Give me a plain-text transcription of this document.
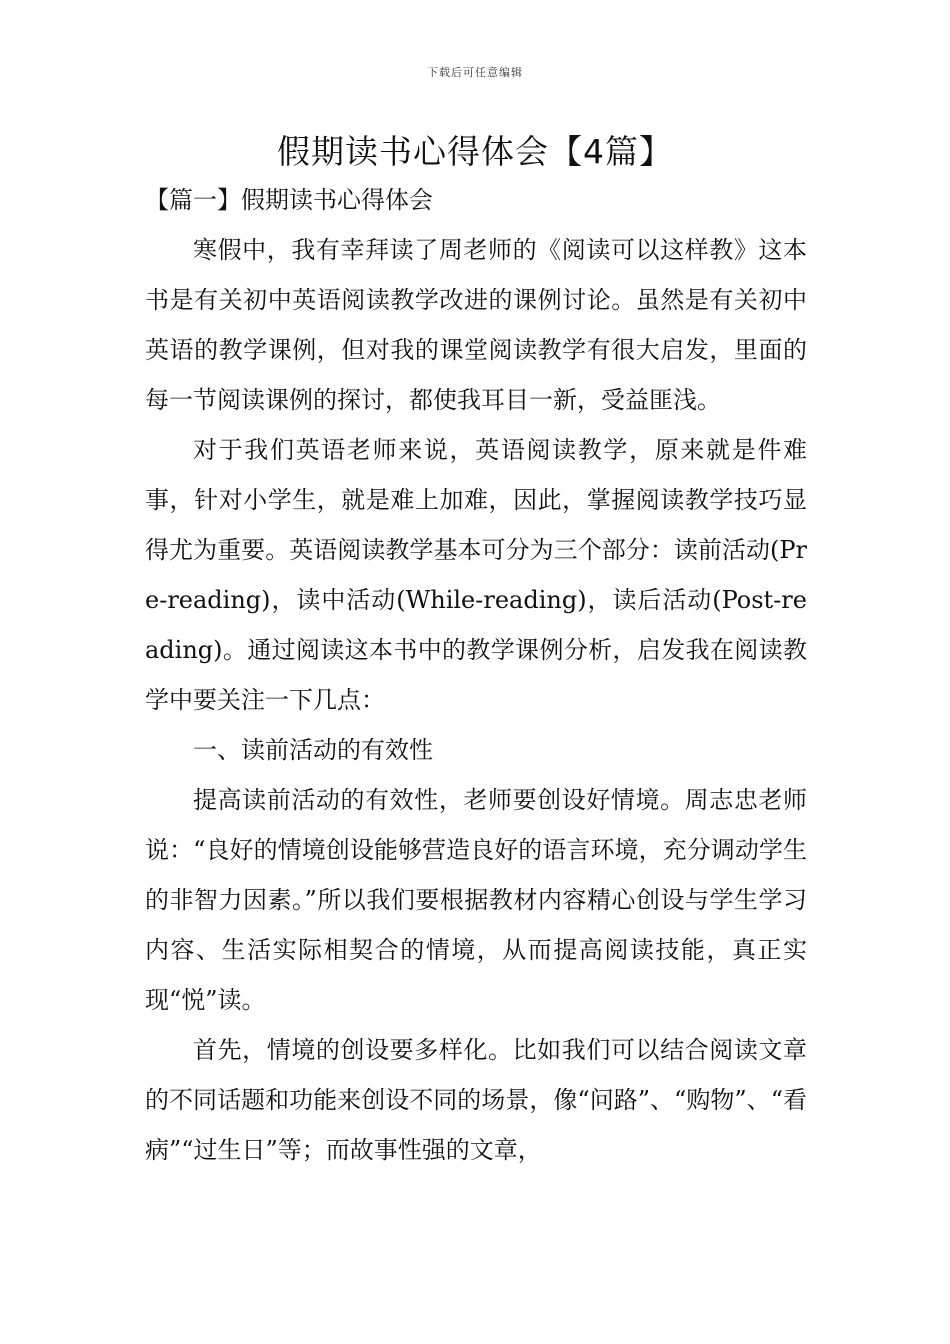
下载后可任意编辑
假期读书心得体会【4篇】
【篇一】假期读书心得体会

寒假中，我有幸拜读了周老师的《阅读可以这样教》这本书是有关初中英语阅读教学改进的课例讨论。虽然是有关初中英语的教学课例，但对我的课堂阅读教学有很大启发，里面的每一节阅读课例的探讨，都使我耳目一新，受益匪浅。

对于我们英语老师来说，英语阅读教学，原来就是件难事，针对小学生，就是难上加难，因此，掌握阅读教学技巧显得尤为重要。英语阅读教学基本可分为三个部分：读前活动(Pre-reading)，读中活动(While-reading)，读后活动(Post-reading)。通过阅读这本书中的教学课例分析，启发我在阅读教学中要关注一下几点：

一、读前活动的有效性

提高读前活动的有效性，老师要创设好情境。周志忠老师说：“良好的情境创设能够营造良好的语言环境，充分调动学生的非智力因素。”所以我们要根据教材内容精心创设与学生学习内容、生活实际相契合的情境，从而提高阅读技能，真正实现“悦”读。

首先，情境的创设要多样化。比如我们可以结合阅读文章的不同话题和功能来创设不同的场景，像“问路”、“购物”、“看病”“过生日”等；而故事性强的文章，
